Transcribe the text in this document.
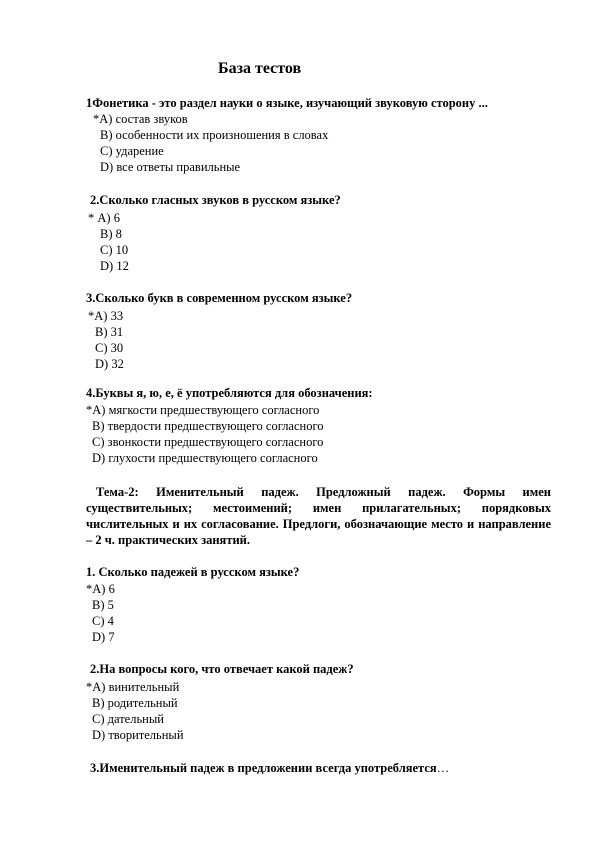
База тестов
1Фонетика - это раздел науки о языке, изучающий звуковую сторону ...
*А) состав звуков
В) особенности их произношения в словах
С) ударение
D) все ответы правильные
2.Сколько гласных звуков в русском языке?
* А) 6
В) 8
С) 10
D) 12
3.Сколько букв в современном русском языке?
*А) 33
В) 31
С) 30
D) 32
4.Буквы я, ю, е, ё употребляются для обозначения:
*А) мягкости предшествующего согласного
В) твердости предшествующего согласного
С) звонкости предшествующего согласного
D) глухости предшествующего согласного
Тема-2: Именительный падеж. Предложный падеж. Формы имен существительных; местоимений; имен прилагательных; порядковых числительных и их согласование. Предлоги, обозначающие место и направление – 2 ч. практических занятий.
1. Сколько падежей в русском языке?
*А) 6
В) 5
С) 4
D) 7
2.На вопросы кого, что отвечает какой падеж?
*А) винительный
В) родительный
С) дательный
D) творительный
3.Именительный падеж в предложении всегда употребляется…
